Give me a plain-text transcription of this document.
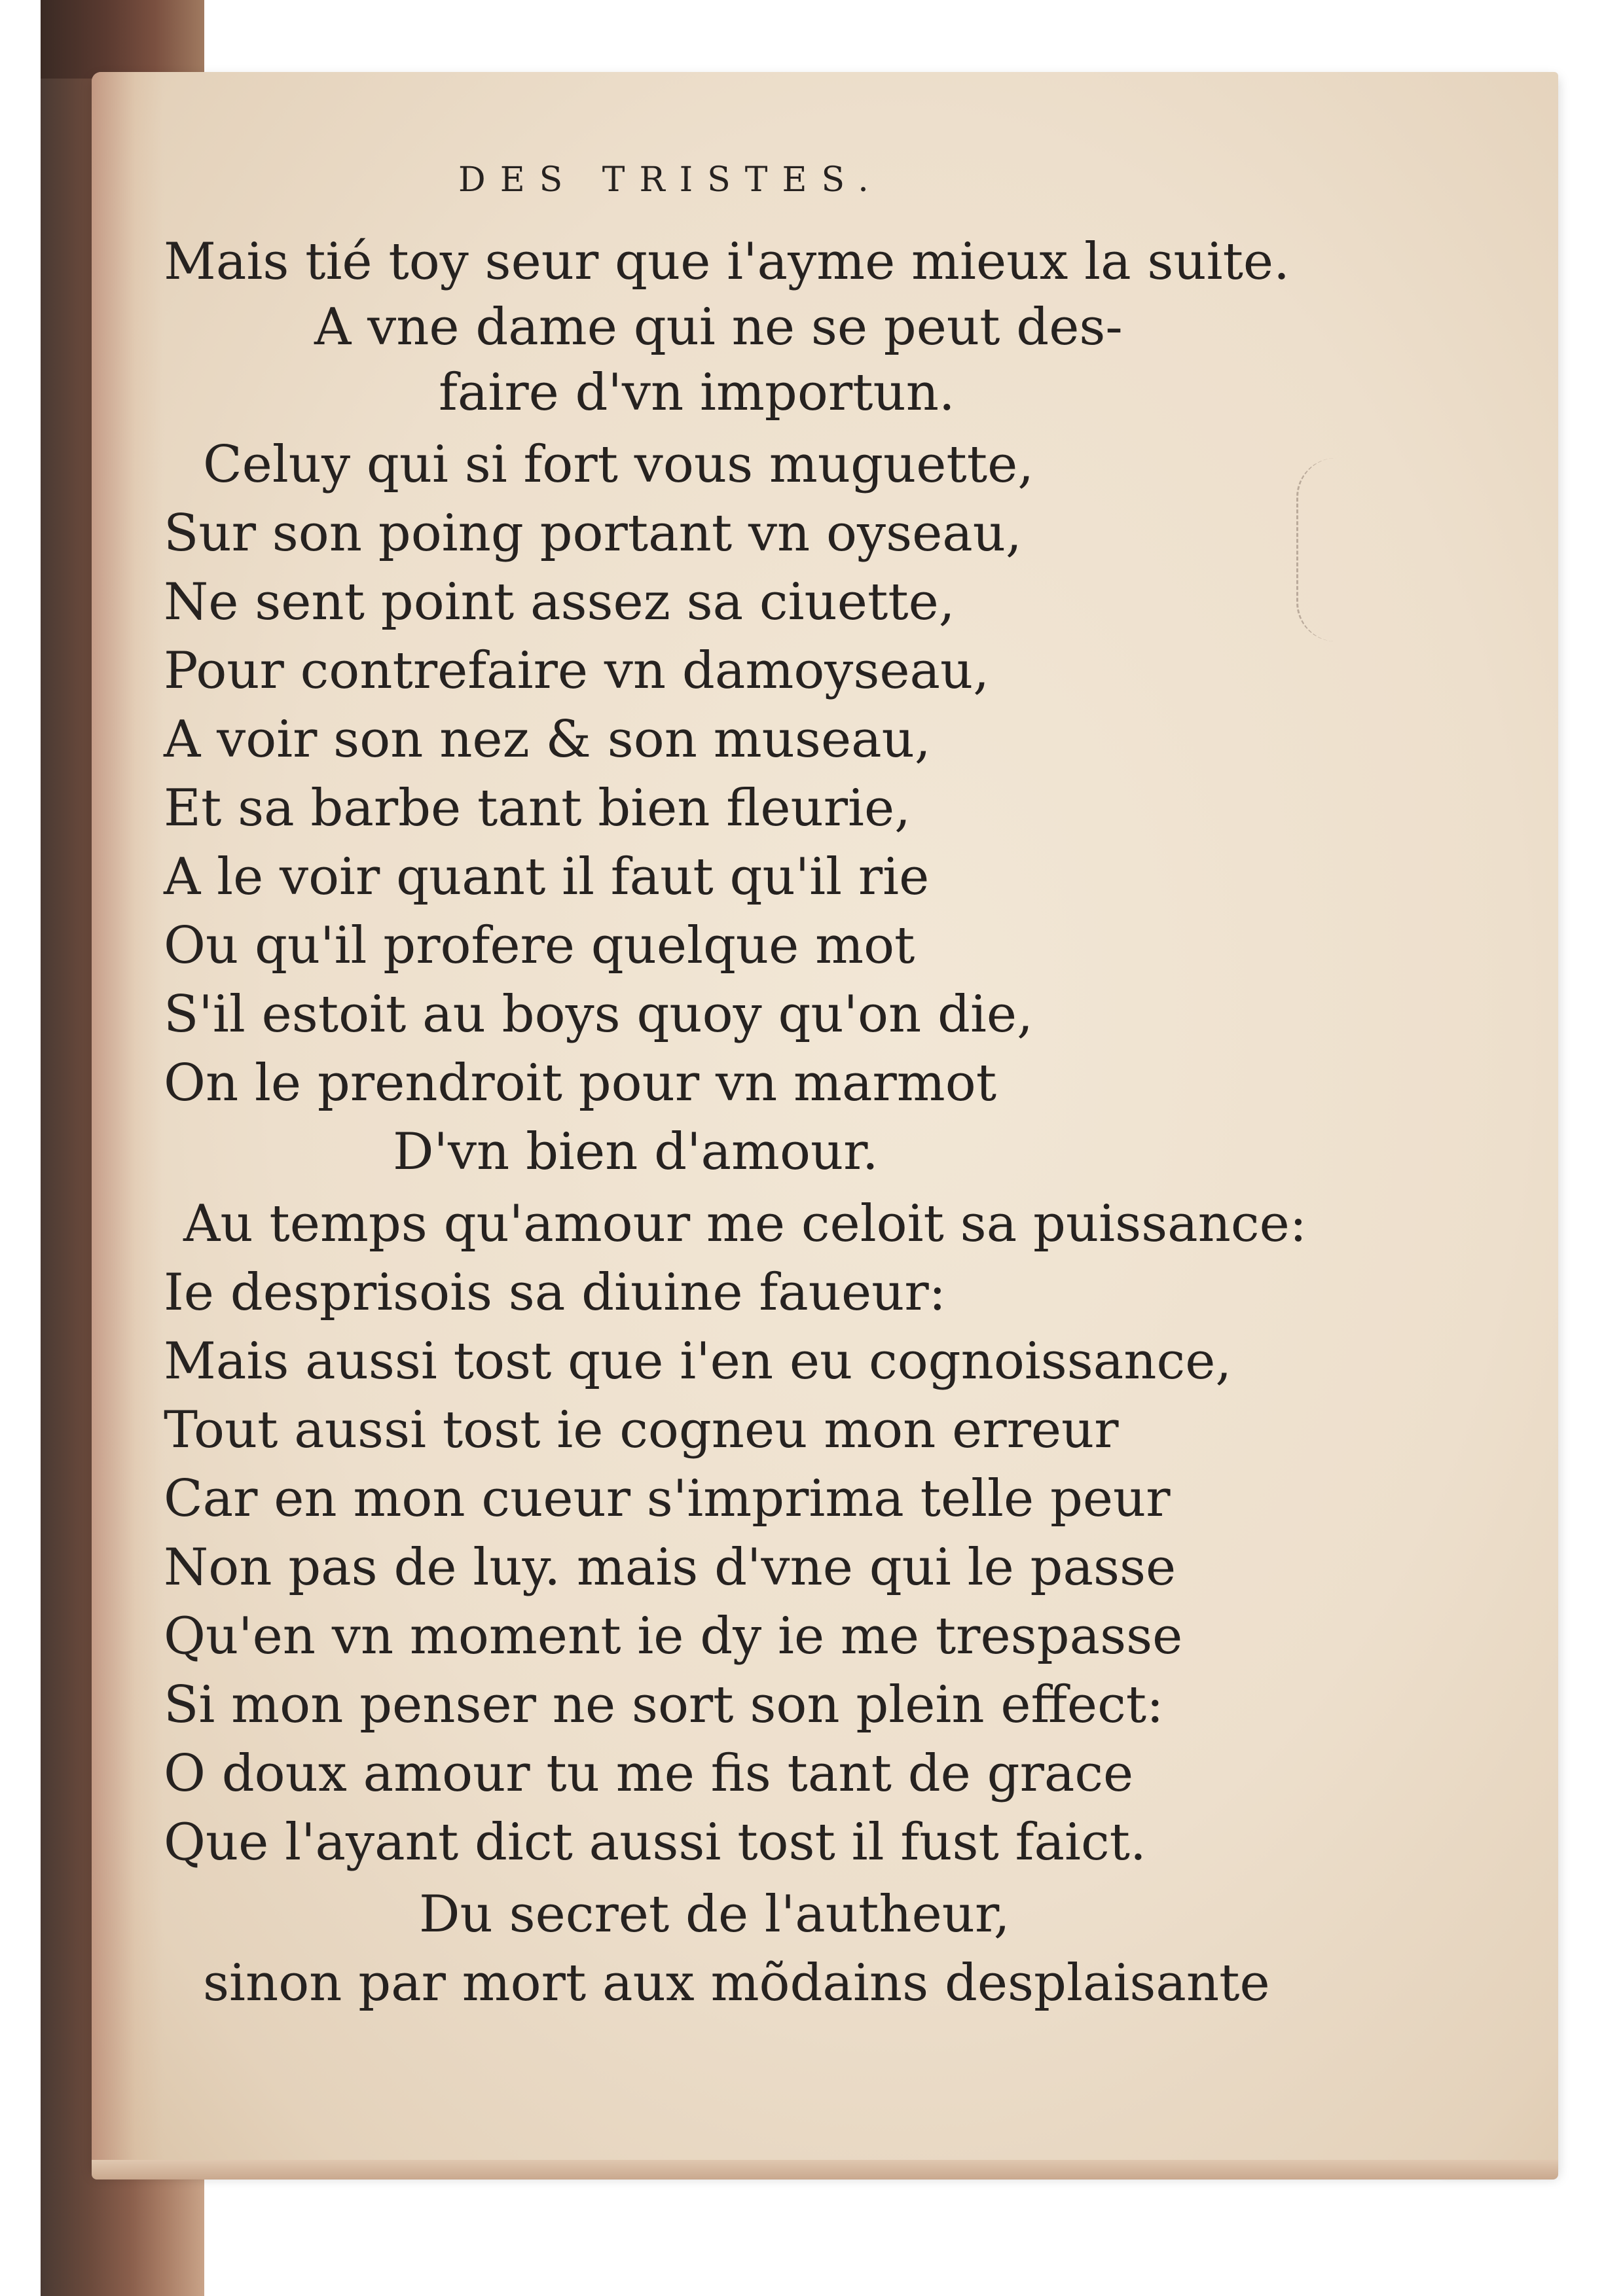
DES TRISTES.
Mais tié toy seur que i'ayme mieux la suite.
A vne dame qui ne se peut des-
faire d'vn importun.
Celuy qui si fort vous muguette,
Sur son poing portant vn oyseau,
Ne sent point assez sa ciuette,
Pour contrefaire vn damoyseau,
A voir son nez & son museau,
Et sa barbe tant bien fleurie,
A le voir quant il faut qu'il rie
Ou qu'il profere quelque mot
S'il estoit au boys quoy qu'on die,
On le prendroit pour vn marmot
D'vn bien d'amour.
Au temps qu'amour me celoit sa puissance:
Ie desprisois sa diuine faueur:
Mais aussi tost que i'en eu cognoissance,
Tout aussi tost ie cogneu mon erreur
Car en mon cueur s'imprima telle peur
Non pas de luy. mais d'vne qui le passe
Qu'en vn moment ie dy ie me trespasse
Si mon penser ne sort son plein effect:
O doux amour tu me fis tant de grace
Que l'ayant dict aussi tost il fust faict.
Du secret de l'autheur,
sinon par mort aux mõdains desplaisante
